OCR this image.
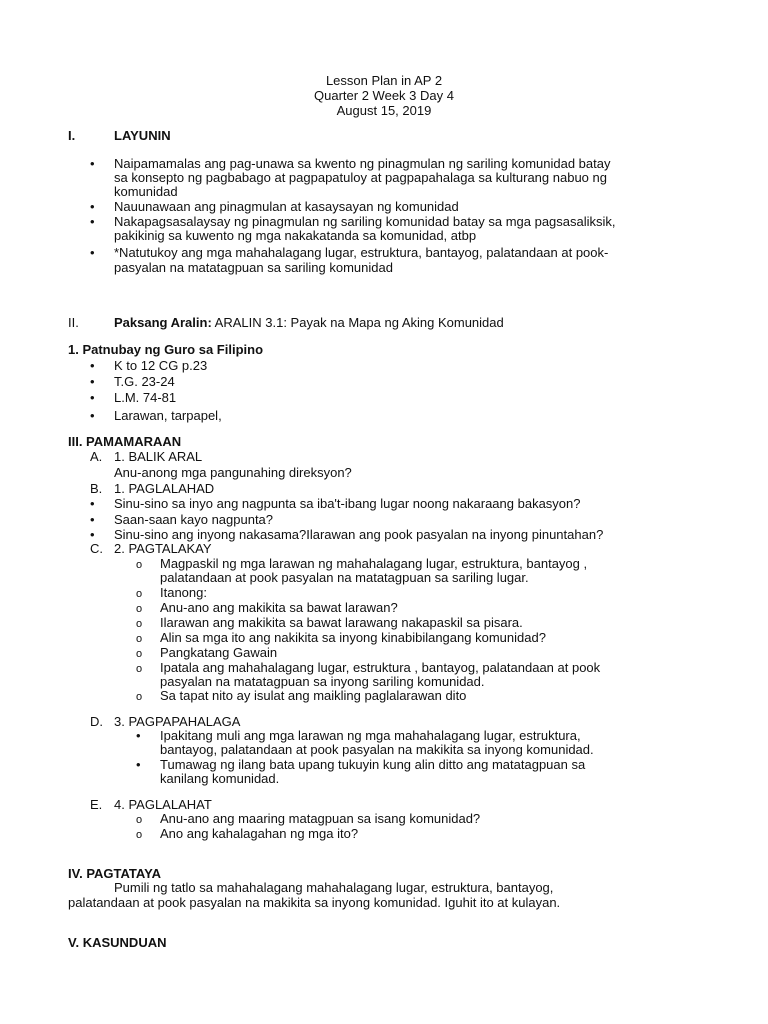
Lesson Plan in AP 2
Quarter 2 Week 3 Day 4
August 15, 2019
I.	LAYUNIN
• Naipamamalas ang pag-unawa sa kwento ng pinagmulan ng sariling komunidad batay
sa konsepto ng pagbabago at pagpapatuloy at pagpapahalaga sa kulturang nabuo ng
komunidad
• Nauunawaan ang pinagmulan at kasaysayan ng komunidad
• Nakapagsasalaysay ng pinagmulan ng sariling komunidad batay sa mga pagsasaliksik,
pakikinig sa kuwento ng mga nakakatanda sa komunidad, atbp
• *Natutukoy ang mga mahahalagang lugar, estruktura, bantayog, palatandaan at pook-
pasyalan na matatagpuan sa sariling komunidad
II.	Paksang Aralin: ARALIN 3.1: Payak na Mapa ng Aking Komunidad
1. Patnubay ng Guro sa Filipino
• K to 12 CG p.23
• T.G. 23-24
• L.M. 74-81
• Larawan, tarpapel,
III. PAMAMARAAN
A. 1. BALIK ARAL
Anu-anong mga pangunahing direksyon?
B. 1. PAGLALAHAD
• Sinu-sino sa inyo ang nagpunta sa iba't-ibang lugar noong nakaraang bakasyon?
• Saan-saan kayo nagpunta?
• Sinu-sino ang inyong nakasama?Ilarawan ang pook pasyalan na inyong pinuntahan?
C. 2. PAGTALAKAY
o Magpaskil ng mga larawan ng mahahalagang lugar, estruktura, bantayog ,
palatandaan at pook pasyalan na matatagpuan sa sariling lugar.
o Itanong:
o Anu-ano ang makikita sa bawat larawan?
o Ilarawan ang makikita sa bawat larawang nakapaskil sa pisara.
o Alin sa mga ito ang nakikita sa inyong kinabibilangang komunidad?
o Pangkatang Gawain
o Ipatala ang mahahalagang lugar, estruktura , bantayog, palatandaan at pook
pasyalan na matatagpuan sa inyong sariling komunidad.
o Sa tapat nito ay isulat ang maikling paglalarawan dito
D. 3. PAGPAPAHALAGA
• Ipakitang muli ang mga larawan ng mga mahahalagang lugar, estruktura,
bantayog, palatandaan at pook pasyalan na makikita sa inyong komunidad.
• Tumawag ng ilang bata upang tukuyin kung alin ditto ang matatagpuan sa
kanilang komunidad.
E. 4. PAGLALAHAT
o Anu-ano ang maaring matagpuan sa isang komunidad?
o Ano ang kahalagahan ng mga ito?
IV. PAGTATAYA
Pumili ng tatlo sa mahahalagang mahahalagang lugar, estruktura, bantayog,
palatandaan at pook pasyalan na makikita sa inyong komunidad. Iguhit ito at kulayan.
V. KASUNDUAN
